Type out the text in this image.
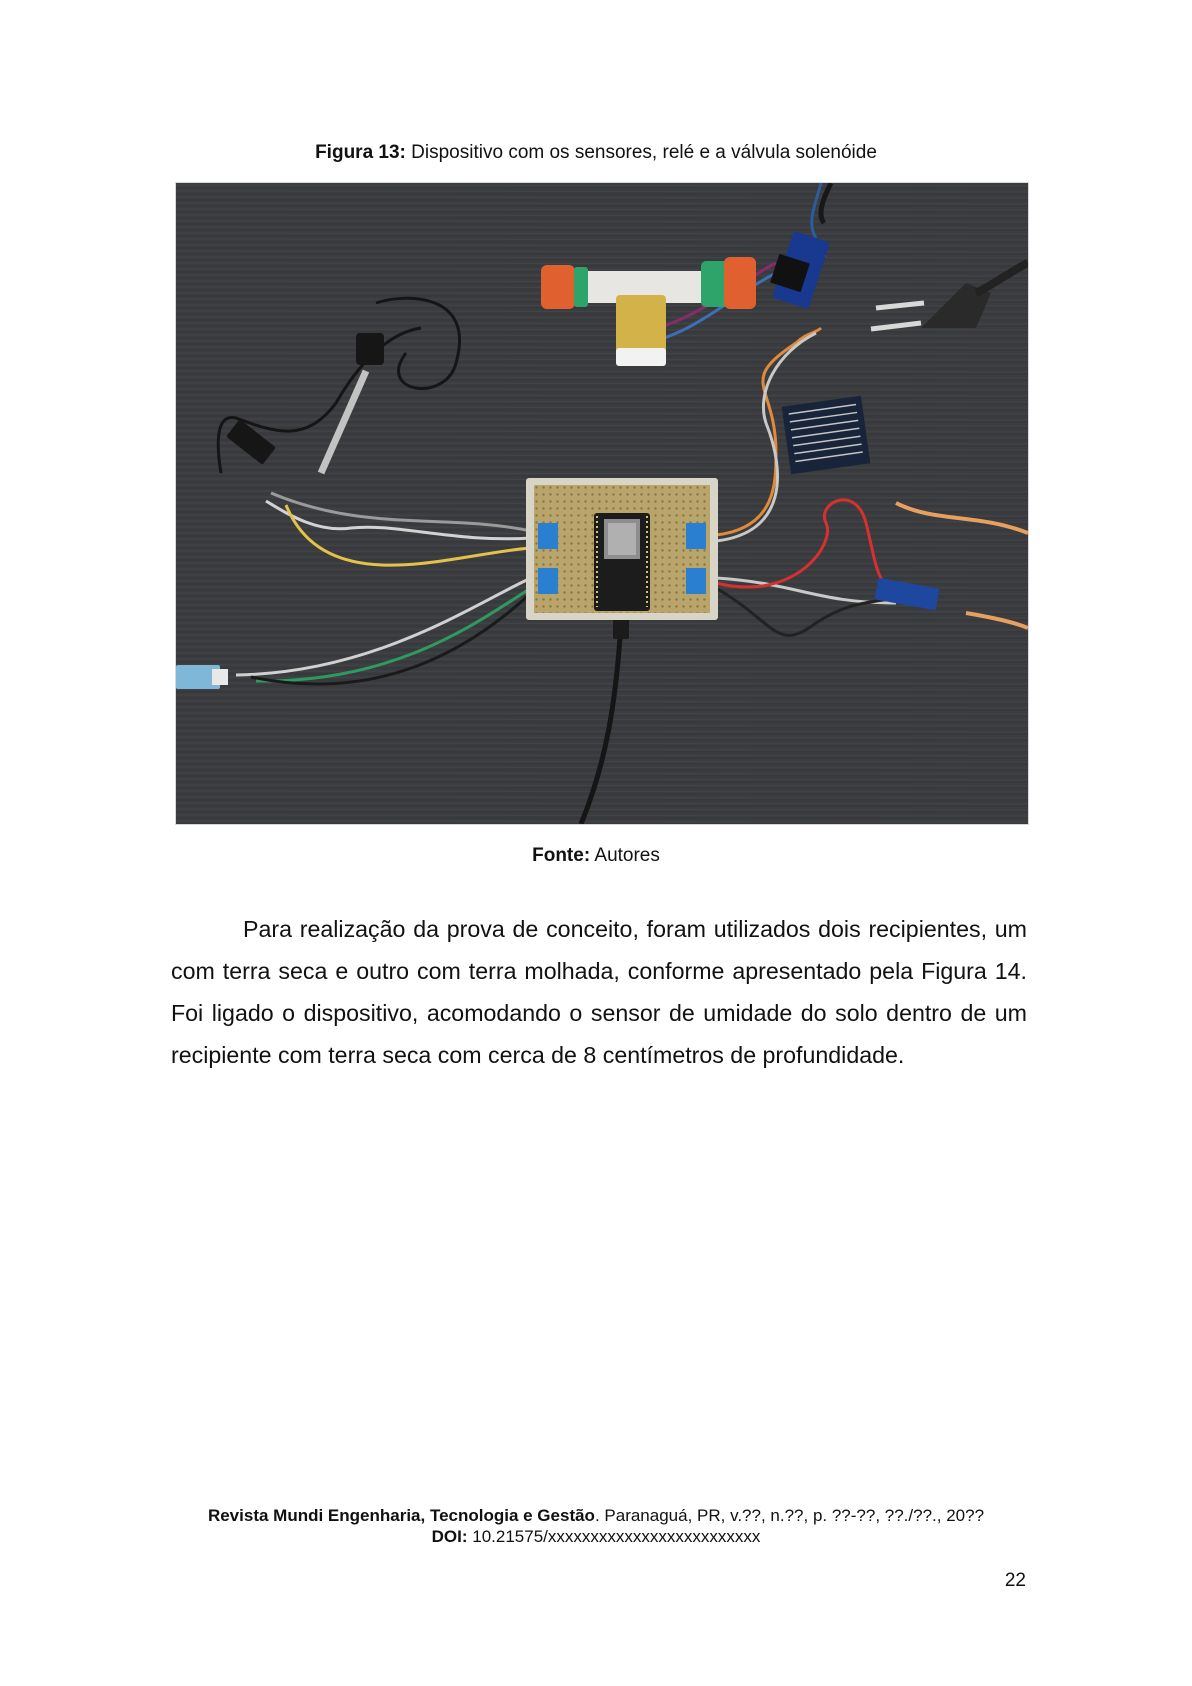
Figura 13: Dispositivo com os sensores, relé e a válvula solenóide
Fonte: Autores

Para realização da prova de conceito, foram utilizados dois recipientes, um com terra seca e outro com terra molhada, conforme apresentado pela Figura 14. Foi ligado o dispositivo, acomodando o sensor de umidade do solo dentro de um recipiente com terra seca com cerca de 8 centímetros de profundidade.

Revista Mundi Engenharia, Tecnologia e Gestão. Paranaguá, PR, v.??, n.??, p. ??-??, ??./??., 20??
DOI: 10.21575/xxxxxxxxxxxxxxxxxxxxxxxxx
22
